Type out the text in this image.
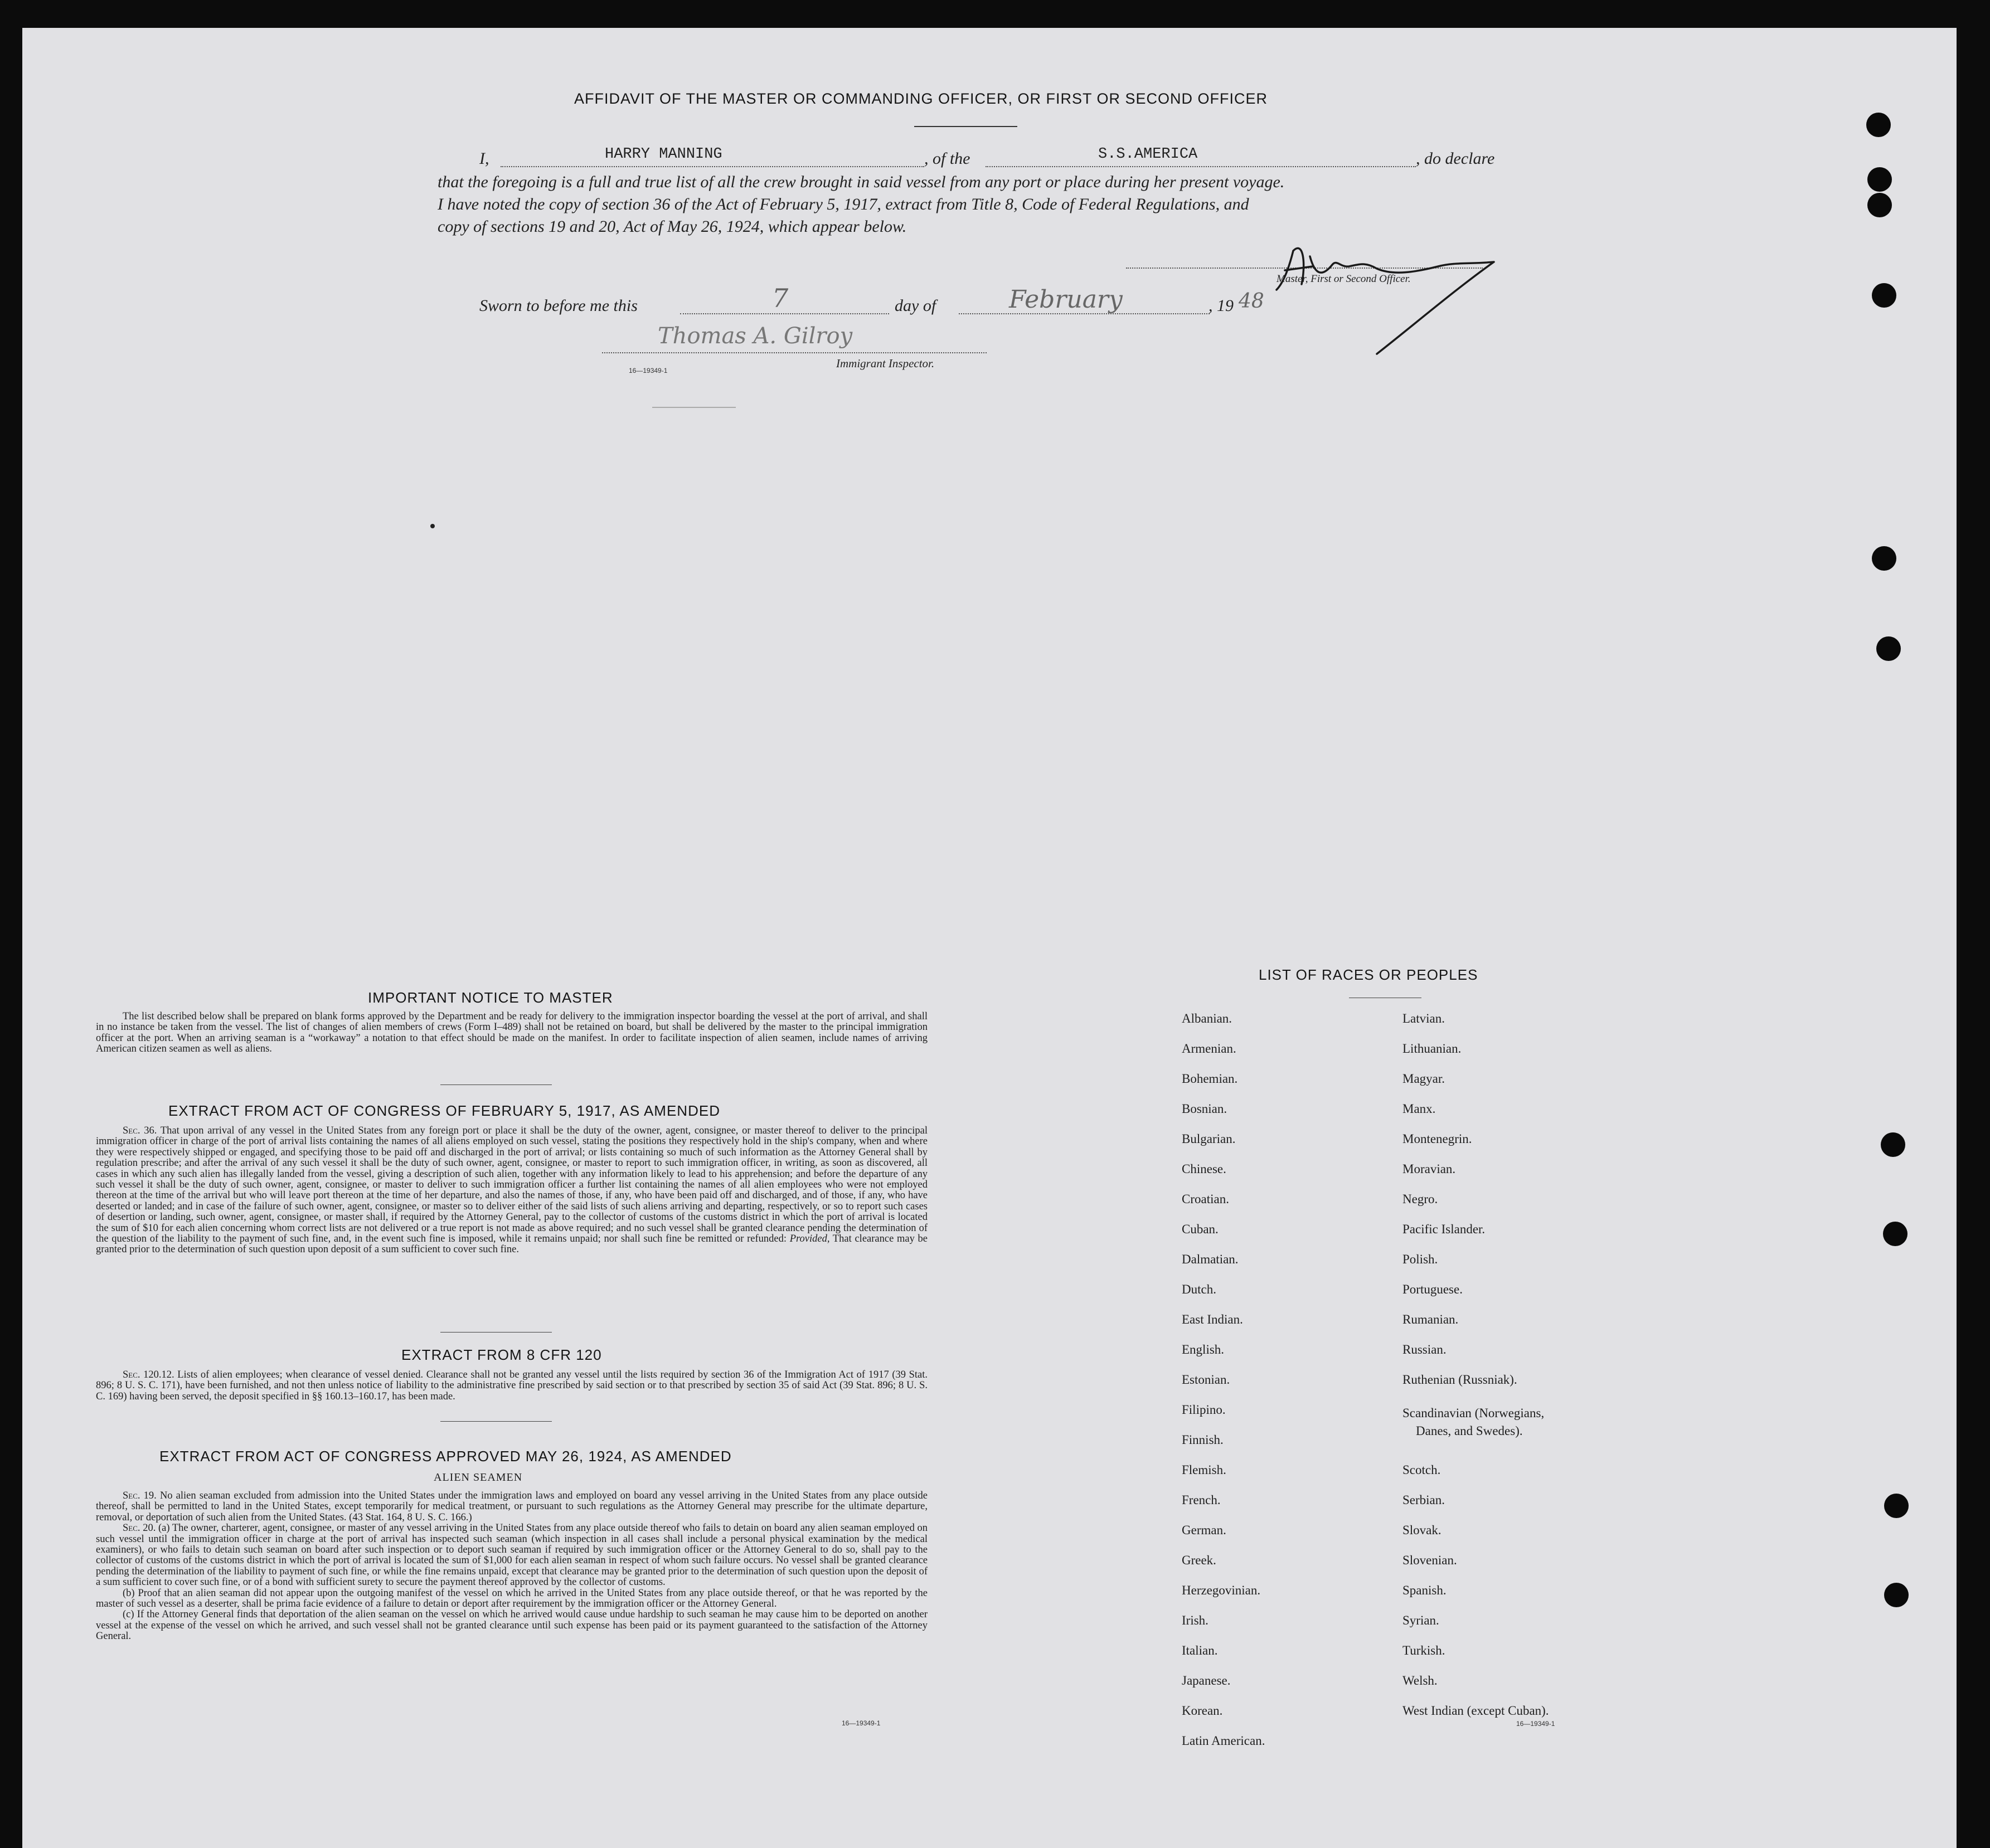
AFFIDAVIT OF THE MASTER OR COMMANDING OFFICER, OR FIRST OR SECOND OFFICER
I,	HARRY MANNING	, of the	S.S.AMERICA	, do declare
that the foregoing is a full and true list of all the crew brought in said vessel from any port or place during her present voyage.
I have noted the copy of section 36 of the Act of February 5, 1917, extract from Title 8, Code of Federal Regulations, and
copy of sections 19 and 20, Act of May 26, 1924, which appear below.
Master, First or Second Officer.
Sworn to before me this	7	day of	February	, 19 48
Thomas A. Gilroy
Immigrant Inspector.
16—19349-1
IMPORTANT NOTICE TO MASTER
The list described below shall be prepared on blank forms approved by the Department and be ready for delivery to the immigration inspector boarding the vessel at the port of arrival, and shall in no instance be taken from the vessel. The list of changes of alien members of crews (Form I–489) shall not be retained on board, but shall be delivered by the master to the principal immigration officer at the port. When an arriving seaman is a “workaway” a notation to that effect should be made on the manifest. In order to facilitate inspection of alien seamen, include names of arriving American citizen seamen as well as aliens.
EXTRACT FROM ACT OF CONGRESS OF FEBRUARY 5, 1917, AS AMENDED
Sec. 36. That upon arrival of any vessel in the United States from any foreign port or place it shall be the duty of the owner, agent, consignee, or master thereof to deliver to the principal immigration officer in charge of the port of arrival lists containing the names of all aliens employed on such vessel, stating the positions they respectively hold in the ship's company, when and where they were respectively shipped or engaged, and specifying those to be paid off and discharged in the port of arrival; or lists containing so much of such information as the Attorney General shall by regulation prescribe; and after the arrival of any such vessel it shall be the duty of such owner, agent, consignee, or master to report to such immigration officer, in writing, as soon as discovered, all cases in which any such alien has illegally landed from the vessel, giving a description of such alien, together with any information likely to lead to his apprehension; and before the departure of any such vessel it shall be the duty of such owner, agent, consignee, or master to deliver to such immigration officer a further list containing the names of all alien employees who were not employed thereon at the time of the arrival but who will leave port thereon at the time of her departure, and also the names of those, if any, who have been paid off and discharged, and of those, if any, who have deserted or landed; and in case of the failure of such owner, agent, consignee, or master so to deliver either of the said lists of such aliens arriving and departing, respectively, or so to report such cases of desertion or landing, such owner, agent, consignee, or master shall, if required by the Attorney General, pay to the collector of customs of the customs district in which the port of arrival is located the sum of $10 for each alien concerning whom correct lists are not delivered or a true report is not made as above required; and no such vessel shall be granted clearance pending the determination of the question of the liability to the payment of such fine, and, in the event such fine is imposed, while it remains unpaid; nor shall such fine be remitted or refunded: Provided, That clearance may be granted prior to the determination of such question upon deposit of a sum sufficient to cover such fine.
EXTRACT FROM 8 CFR 120
Sec. 120.12. Lists of alien employees; when clearance of vessel denied. Clearance shall not be granted any vessel until the lists required by section 36 of the Immigration Act of 1917 (39 Stat. 896; 8 U. S. C. 171), have been furnished, and not then unless notice of liability to the administrative fine prescribed by said section or to that prescribed by section 35 of said Act (39 Stat. 896; 8 U. S. C. 169) having been served, the deposit specified in §§ 160.13–160.17, has been made.
EXTRACT FROM ACT OF CONGRESS APPROVED MAY 26, 1924, AS AMENDED
ALIEN SEAMEN
Sec. 19. No alien seaman excluded from admission into the United States under the immigration laws and employed on board any vessel arriving in the United States from any place outside thereof, shall be permitted to land in the United States, except temporarily for medical treatment, or pursuant to such regulations as the Attorney General may prescribe for the ultimate departure, removal, or deportation of such alien from the United States. (43 Stat. 164, 8 U. S. C. 166.)
Sec. 20. (a) The owner, charterer, agent, consignee, or master of any vessel arriving in the United States from any place outside thereof who fails to detain on board any alien seaman employed on such vessel until the immigration officer in charge at the port of arrival has inspected such seaman (which inspection in all cases shall include a personal physical examination by the medical examiners), or who fails to detain such seaman on board after such inspection or to deport such seaman if required by such immigration officer or the Attorney General to do so, shall pay to the collector of customs of the customs district in which the port of arrival is located the sum of $1,000 for each alien seaman in respect of whom such failure occurs. No vessel shall be granted clearance pending the determination of the liability to payment of such fine, or while the fine remains unpaid, except that clearance may be granted prior to the determination of such question upon the deposit of a sum sufficient to cover such fine, or of a bond with sufficient surety to secure the payment thereof approved by the collector of customs.
(b) Proof that an alien seaman did not appear upon the outgoing manifest of the vessel on which he arrived in the United States from any place outside thereof, or that he was reported by the master of such vessel as a deserter, shall be prima facie evidence of a failure to detain or deport after requirement by the immigration officer or the Attorney General.
(c) If the Attorney General finds that deportation of the alien seaman on the vessel on which he arrived would cause undue hardship to such seaman he may cause him to be deported on another vessel at the expense of the vessel on which he arrived, and such vessel shall not be granted clearance until such expense has been paid or its payment guaranteed to the satisfaction of the Attorney General.
16—19349-1
LIST OF RACES OR PEOPLES
Albanian.
Armenian.
Bohemian.
Bosnian.
Bulgarian.
Chinese.
Croatian.
Cuban.
Dalmatian.
Dutch.
East Indian.
English.
Estonian.
Filipino.
Finnish.
Flemish.
French.
German.
Greek.
Herzegovinian.
Irish.
Italian.
Japanese.
Korean.
Latin American.
Latvian.
Lithuanian.
Magyar.
Manx.
Montenegrin.
Moravian.
Negro.
Pacific Islander.
Polish.
Portuguese.
Rumanian.
Russian.
Ruthenian (Russniak).
Scandinavian (Norwegians,
Danes, and Swedes).
Scotch.
Serbian.
Slovak.
Slovenian.
Spanish.
Syrian.
Turkish.
Welsh.
West Indian (except Cuban).
16—19349-1
